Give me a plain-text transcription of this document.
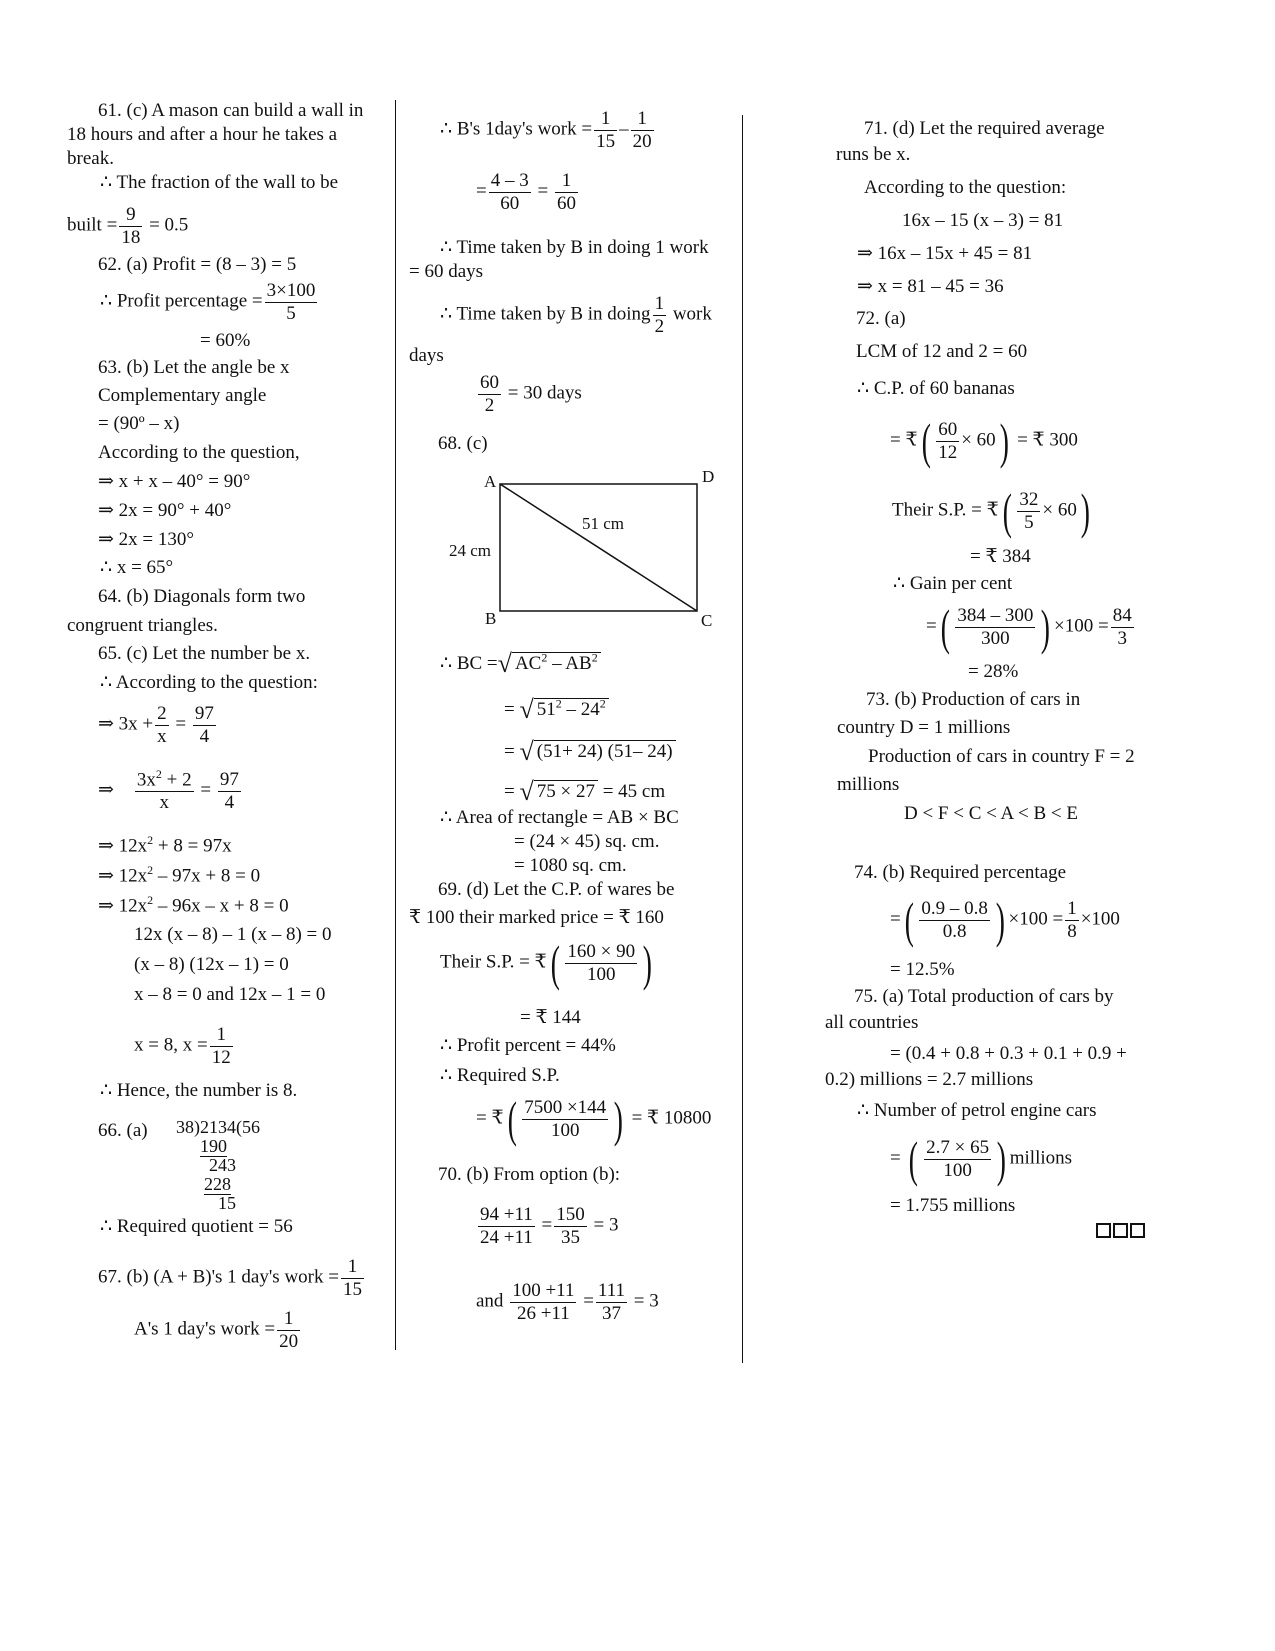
61. (c) A mason can build a wall in
18 hours and after a hour he takes a
break.
∴ The fraction of the wall to be
built = $\frac{9}{18} = 0.5$
62. (a) Profit = (8 – 3) = 5
∴ Profit percentage = $\frac{3\times 100}{5}$
= 60%
63. (b) Let the angle be x
Complementary angle
= (90º – x)
According to the question,
⇒ x + x – 40° = 90°
⇒ 2x = 90° + 40°
⇒ 2x = 130°
∴ x = 65°
64. (b) Diagonals form two
congruent triangles.
65. (c) Let the number be x.
∴ According to the question:
⇒ $3x + \frac{2}{x} = \frac{97}{4}$
⇒ $\frac{3x^2 + 2}{x} = \frac{97}{4}$
⇒ $12x^2 + 8 = 97x$
⇒ $12x^2 - 97x + 8 = 0$
⇒ $12x^2 - 96x - x + 8 = 0$
12x (x – 8) – 1 (x – 8) = 0
(x – 8) (12x – 1) = 0
x – 8 = 0 and 12x – 1 = 0
x = 8, $x = \frac{1}{12}$
∴ Hence, the number is 8.
66. (a) 38)2134(56
190
243
228
15
∴ Required quotient = 56
67. (b) (A + B)'s 1 day's work = $\frac{1}{15}$
A's 1 day's work = $\frac{1}{20}$
∴ B's 1day's work = $\frac{1}{15} - \frac{1}{20}$
= $\frac{4 - 3}{60} = \frac{1}{60}$
∴ Time taken by B in doing 1 work
= 60 days
∴ Time taken by B in doing $\frac{1}{2}$ work
days
$\frac{60}{2} = 30$ days
68. (c)
A	D
B	C
24 cm
51 cm
∴ BC =√ $AC^2 - AB^2$
= √ $51^2 - 24^2$
= √ (51+ 24) (51– 24)
= √ 75 × 27 = 45 cm
∴ Area of rectangle = AB × BC
= (24 × 45) sq. cm.
= 1080 sq. cm.
69. (d) Let the C.P. of wares be
₹ 100 their marked price = ₹ 160
Their S.P. = ₹( $\frac{160 \times 90}{100}$ )
= ₹ 144
∴ Profit percent = 44%
∴ Required S.P.
= ₹( $\frac{7500 \times 144}{100}$ ) = ₹ 10800
70. (b) From option (b):
$\frac{94 +11}{24 +11} = \frac{150}{35} = 3$
and $\frac{100 +11}{26 +11} = \frac{111}{37} = 3$
71. (d) Let the required average
runs be x.
According to the question:
16x – 15 (x – 3) = 81
⇒ 16x – 15x + 45 = 81
⇒ x = 81 – 45 = 36
72. (a)
LCM of 12 and 2 = 60
∴ C.P. of 60 bananas
= ₹( $\frac{60}{12} \times 60$) = ₹ 300
Their S.P. = ₹( $\frac{32}{5} \times 60$)
= ₹ 384
∴ Gain per cent
=( $\frac{384 - 300}{300}$ ) $\times 100 = \frac{84}{3}$
= 28%
73. (b) Production of cars in
country D = 1 millions
Production of cars in country F = 2
millions
D < F < C < A < B < E
74. (b) Required percentage
=( $\frac{0.9 - 0.8}{0.8}$ ) $\times 100 = \frac{1}{8} \times 100$
= 12.5%
75. (a) Total production of cars by
all countries
= (0.4 + 0.8 + 0.3 + 0.1 + 0.9 +
0.2) millions = 2.7 millions
∴ Number of petrol engine cars
= ( $\frac{2.7 \times 65}{100}$ ) millions
= 1.755 millions
